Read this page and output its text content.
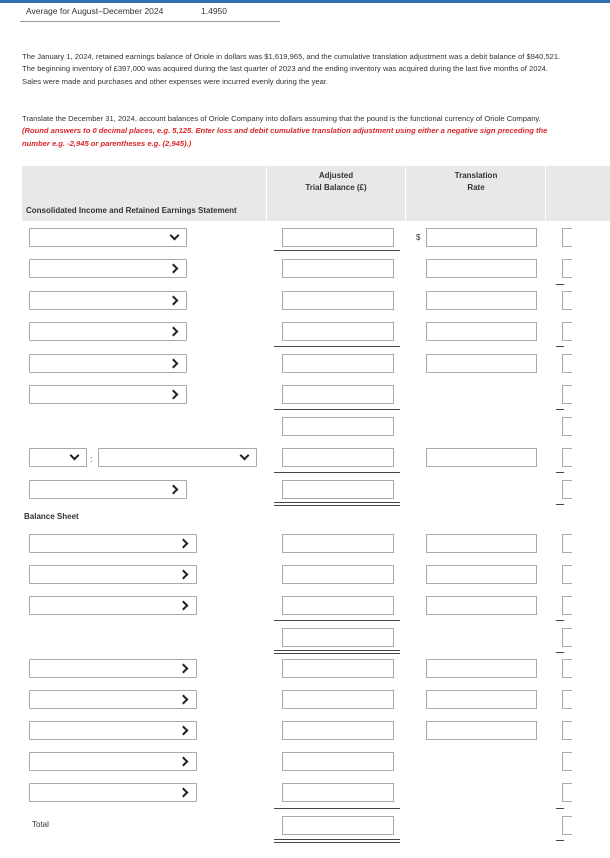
Average for August–December 2024	1.4950

The January 1, 2024, retained earnings balance of Oriole in dollars was $1,619,965, and the cumulative translation adjustment was a debit balance of $940,521. The beginning inventory of £397,000 was acquired during the last quarter of 2023 and the ending inventory was acquired during the last five months of 2024. Sales were made and purchases and other expenses were incurred evenly during the year.

Translate the December 31, 2024, account balances of Oriole Company into dollars assuming that the pound is the functional currency of Oriole Company. (Round answers to 0 decimal places, e.g. 5,125. Enter loss and debit cumulative translation adjustment using either a negative sign preceding the number e.g. -2,945 or parentheses e.g. (2,945).)

Adjusted
Trial Balance (£)
Translation
Rate
Consolidated Income and Retained Earnings Statement
$
:
Balance Sheet
Total
